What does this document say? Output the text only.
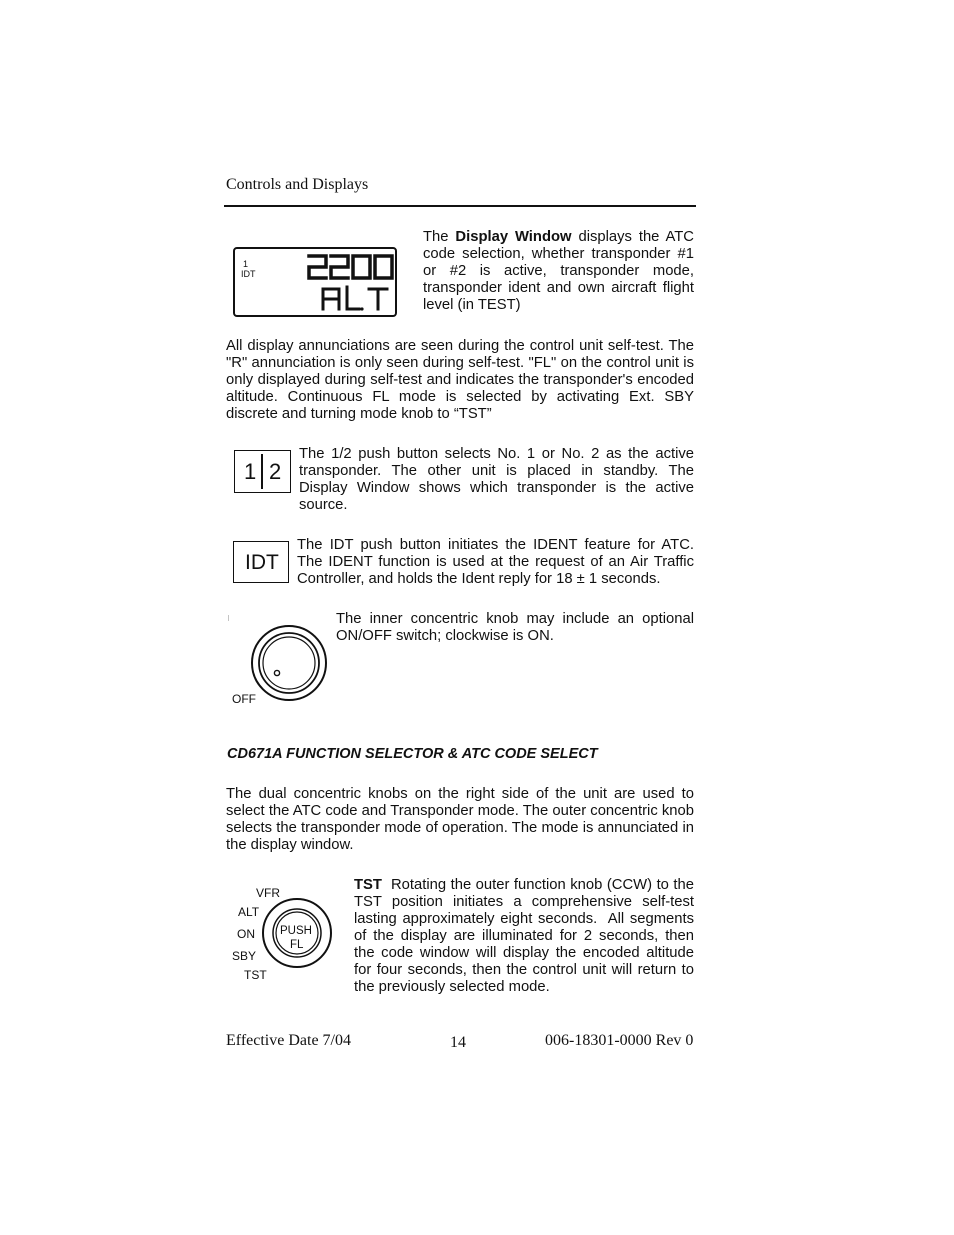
Controls and Displays
1
IDT
The Display Window displays the ATC code selection, whether transponder #1 or #2 is active, transponder mode, transponder ident and own aircraft flight level (in TEST)
All display annunciations are seen during the control unit self-test. The "R" annunciation is only seen during self-test. "FL" on the control unit is only displayed during self-test and indicates the transponder's encoded altitude. Continuous FL mode is selected by activating Ext. SBY discrete and turning mode knob to “TST”
1 2
The 1/2 push button selects No. 1 or No. 2 as the active transponder. The other unit is placed in standby. The Display Window shows which transponder is the active source.
IDT
The IDT push button initiates the IDENT feature for ATC. The IDENT function is used at the request of an Air Traffic Controller, and holds the Ident reply for 18 ± 1 seconds.
OFF
The inner concentric knob may include an optional ON/OFF switch; clockwise is ON.
CD671A FUNCTION SELECTOR & ATC CODE SELECT
The dual concentric knobs on the right side of the unit are used to select the ATC code and Transponder mode. The outer concentric knob selects the transponder mode of operation. The mode is annunciated in the display window.
VFR
ALT
ON
SBY
TST
PUSH
FL
TST  Rotating the outer function knob (CCW) to the TST position initiates a comprehensive self-test lasting approximately eight seconds.  All segments of the display are illuminated for 2 seconds, then the code window will display the encoded altitude for four seconds, then the control unit will return to the previously selected mode.
Effective Date 7/04	14	006-18301-0000 Rev 0
